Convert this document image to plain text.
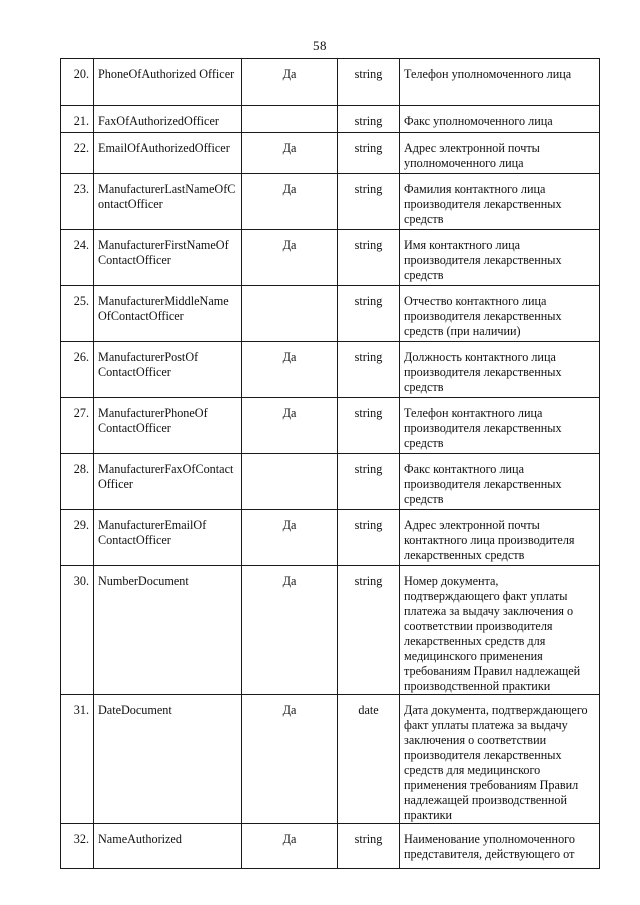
58
20.	PhoneOfAuthorized Officer	Да	string	Телефон уполномоченного лица
21.	FaxOfAuthorizedOfficer		string	Факс уполномоченного лица
22.	EmailOfAuthorizedOfficer	Да	string	Адрес электронной почты уполномоченного лица
23.	ManufacturerLastNameOfC ontactOfficer	Да	string	Фамилия контактного лица производителя лекарственных средств
24.	ManufacturerFirstNameOf ContactOfficer	Да	string	Имя контактного лица производителя лекарственных средств
25.	ManufacturerMiddleName OfContactOfficer		string	Отчество контактного лица производителя лекарственных средств (при наличии)
26.	ManufacturerPostOf ContactOfficer	Да	string	Должность контактного лица производителя лекарственных средств
27.	ManufacturerPhoneOf ContactOfficer	Да	string	Телефон контактного лица производителя лекарственных средств
28.	ManufacturerFaxOfContact Officer		string	Факс контактного лица производителя лекарственных средств
29.	ManufacturerEmailOf ContactOfficer	Да	string	Адрес электронной почты контактного лица производителя лекарственных средств
30.	NumberDocument	Да	string	Номер документа, подтверждающего факт уплаты платежа за выдачу заключения о соответствии производителя лекарственных средств для медицинского применения требованиям Правил надлежащей производственной практики
31.	DateDocument	Да	date	Дата документа, подтверждающего факт уплаты платежа за выдачу заключения о соответствии производителя лекарственных средств для медицинского применения требованиям Правил надлежащей производственной практики
32.	NameAuthorized	Да	string	Наименование уполномоченного представителя, действующего от
